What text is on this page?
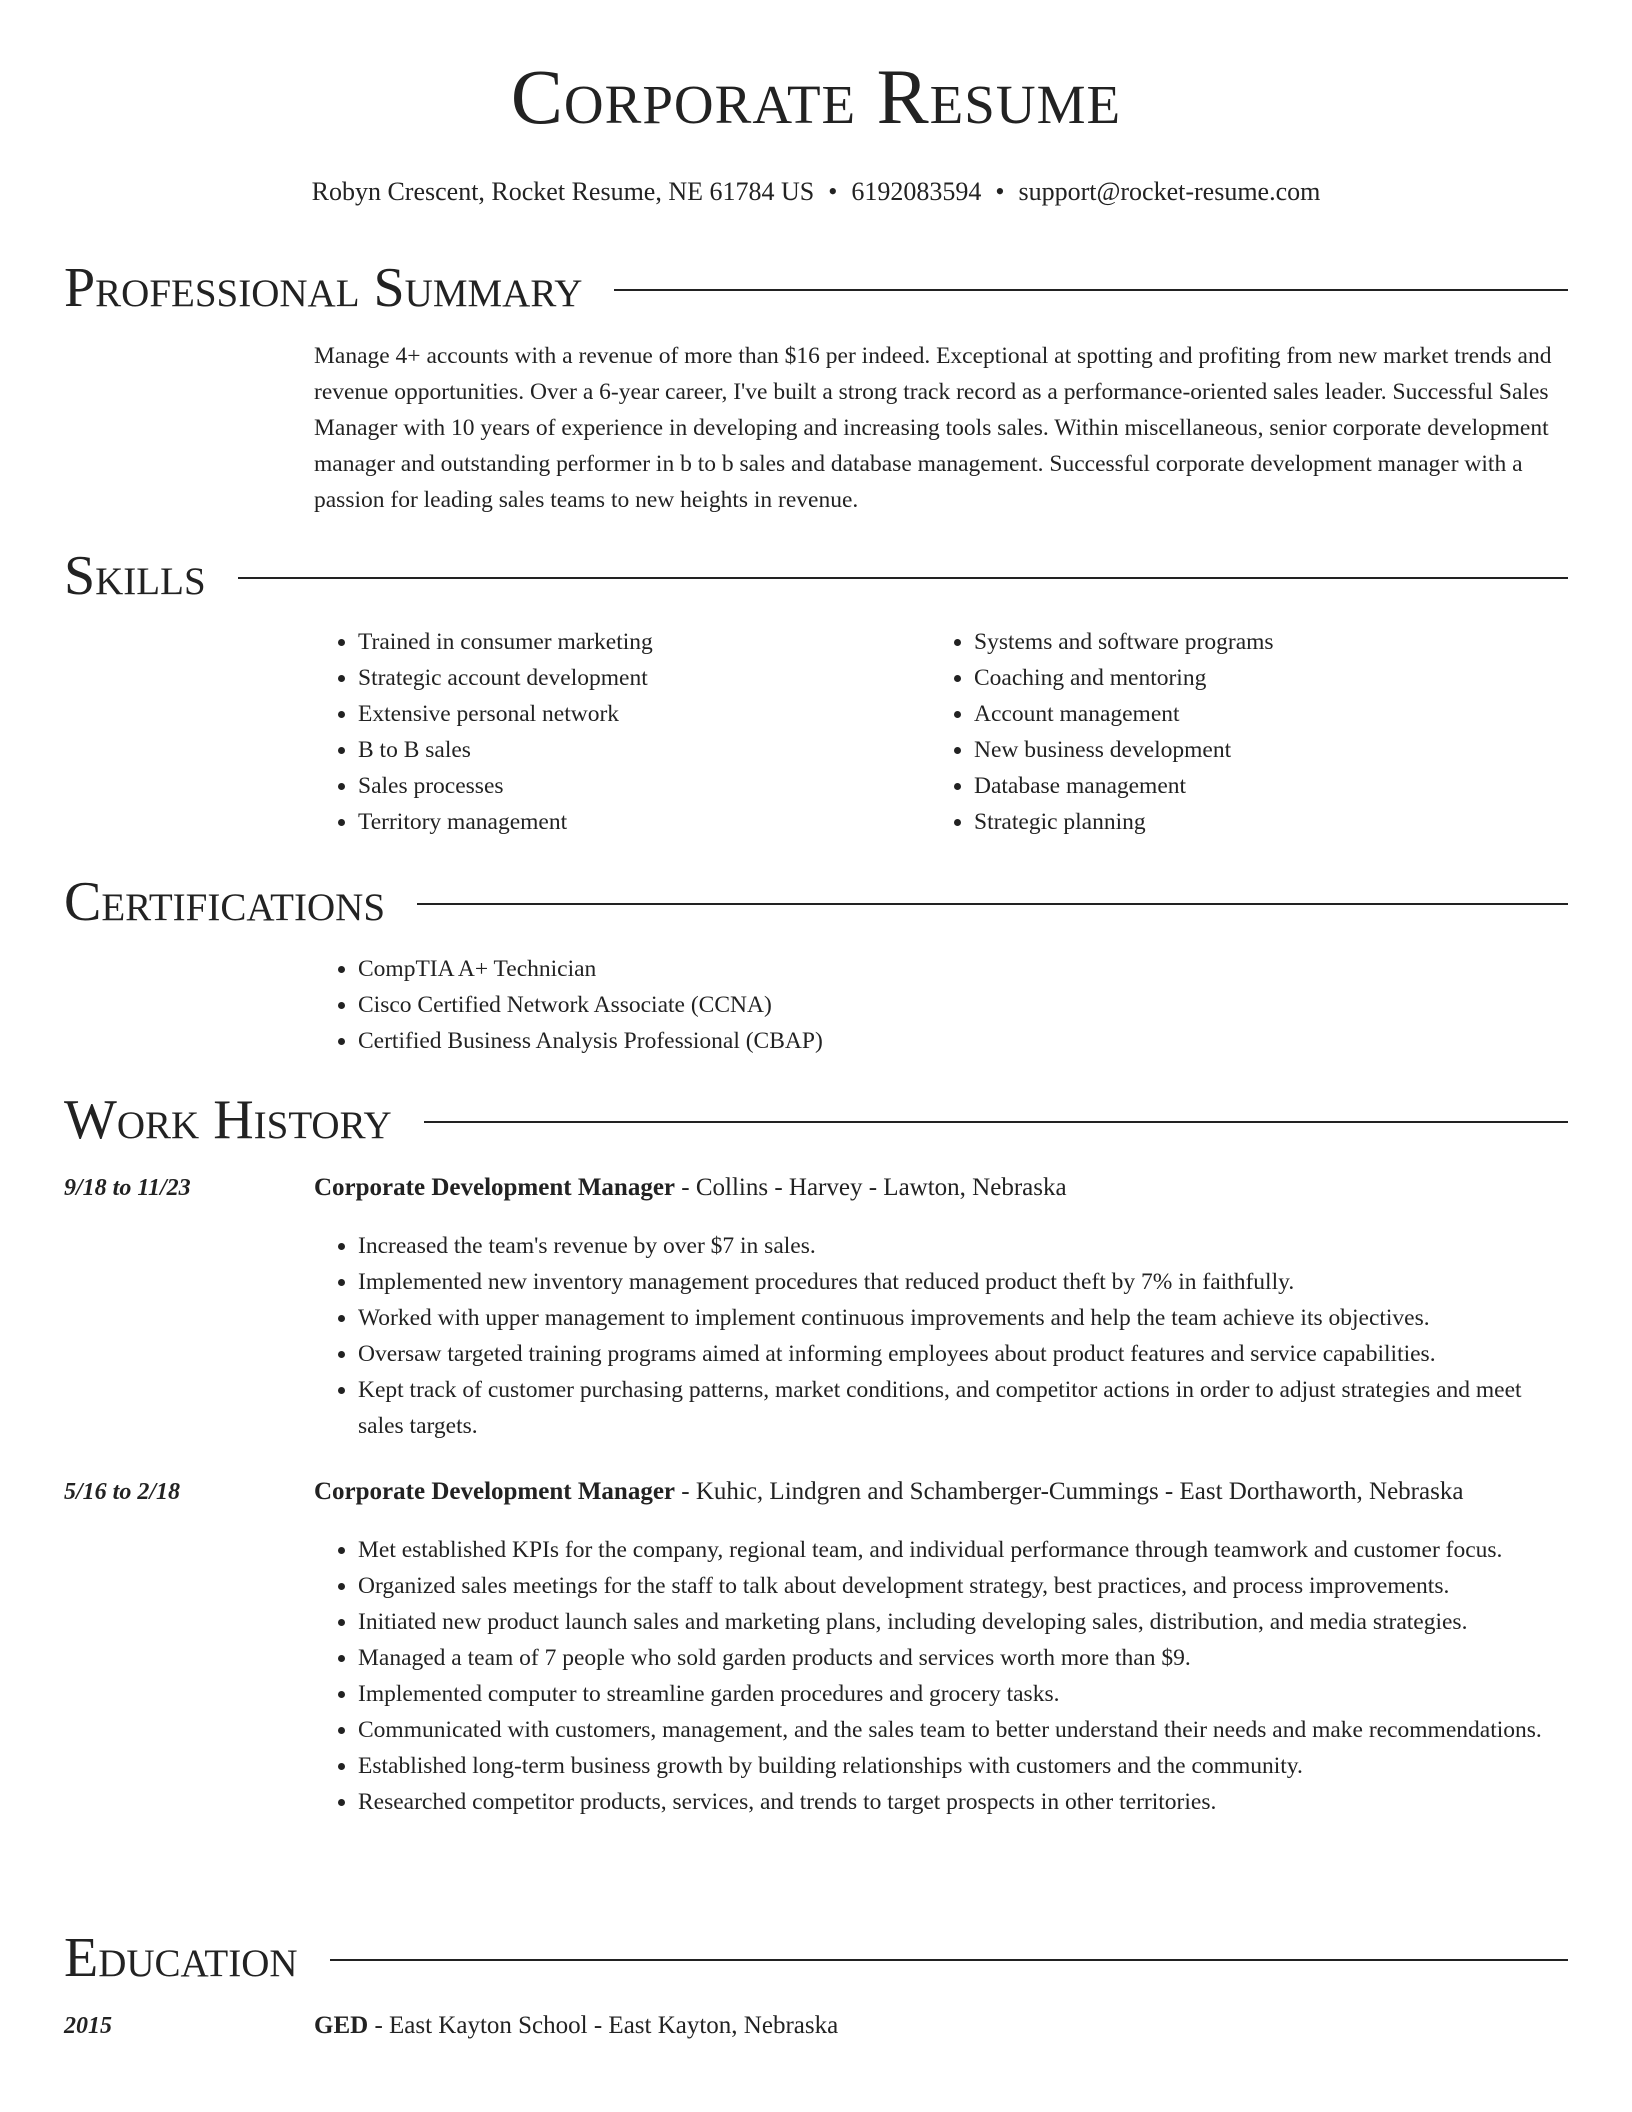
Corporate Resume
Robyn Crescent, Rocket Resume, NE 61784 US • 6192083594 • support@rocket-resume.com
Professional Summary
Manage 4+ accounts with a revenue of more than $16 per indeed. Exceptional at spotting and profiting from new market trends and revenue opportunities. Over a 6-year career, I've built a strong track record as a performance-oriented sales leader. Successful Sales Manager with 10 years of experience in developing and increasing tools sales. Within miscellaneous, senior corporate development manager and outstanding performer in b to b sales and database management. Successful corporate development manager with a passion for leading sales teams to new heights in revenue.
Skills
• Trained in consumer marketing
• Strategic account development
• Extensive personal network
• B to B sales
• Sales processes
• Territory management
• Systems and software programs
• Coaching and mentoring
• Account management
• New business development
• Database management
• Strategic planning
Certifications
• CompTIA A+ Technician
• Cisco Certified Network Associate (CCNA)
• Certified Business Analysis Professional (CBAP)
Work History
9/18 to 11/23	Corporate Development Manager - Collins - Harvey - Lawton, Nebraska
• Increased the team's revenue by over $7 in sales.
• Implemented new inventory management procedures that reduced product theft by 7% in faithfully.
• Worked with upper management to implement continuous improvements and help the team achieve its objectives.
• Oversaw targeted training programs aimed at informing employees about product features and service capabilities.
• Kept track of customer purchasing patterns, market conditions, and competitor actions in order to adjust strategies and meet sales targets.
5/16 to 2/18	Corporate Development Manager - Kuhic, Lindgren and Schamberger-Cummings - East Dorthaworth, Nebraska
• Met established KPIs for the company, regional team, and individual performance through teamwork and customer focus.
• Organized sales meetings for the staff to talk about development strategy, best practices, and process improvements.
• Initiated new product launch sales and marketing plans, including developing sales, distribution, and media strategies.
• Managed a team of 7 people who sold garden products and services worth more than $9.
• Implemented computer to streamline garden procedures and grocery tasks.
• Communicated with customers, management, and the sales team to better understand their needs and make recommendations.
• Established long-term business growth by building relationships with customers and the community.
• Researched competitor products, services, and trends to target prospects in other territories.
Education
2015	GED - East Kayton School - East Kayton, Nebraska
